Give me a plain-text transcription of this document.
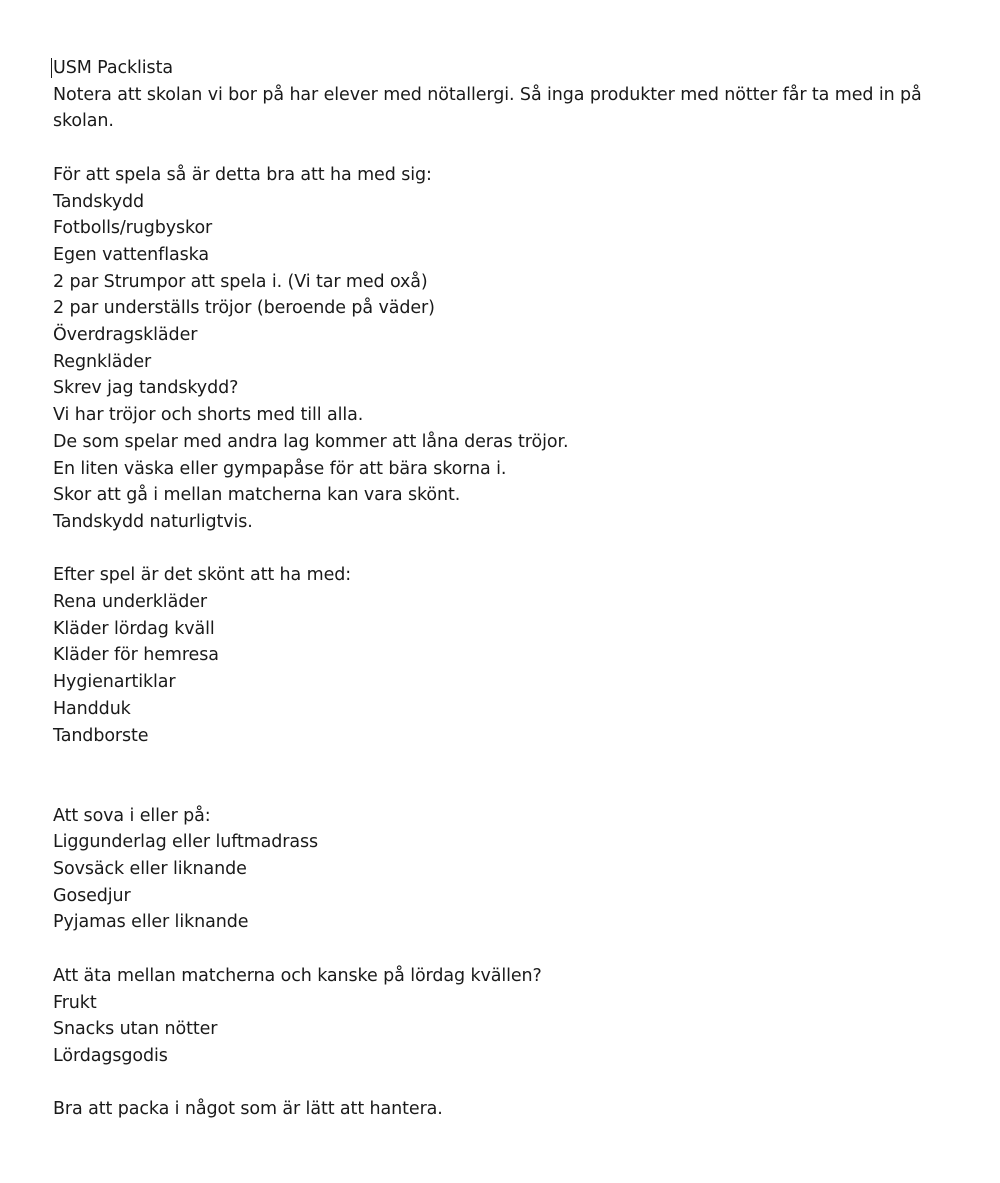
USM Packlista
Notera att skolan vi bor på har elever med nötallergi. Så inga produkter med nötter får ta med in på skolan.
För att spela så är detta bra att ha med sig:
Tandskydd
Fotbolls/rugbyskor
Egen vattenflaska
2 par Strumpor att spela i. (Vi tar med oxå)
2 par underställs tröjor (beroende på väder)
Överdragskläder
Regnkläder
Skrev jag tandskydd?
Vi har tröjor och shorts med till alla.
De som spelar med andra lag kommer att låna deras tröjor.
En liten väska eller gympapåse för att bära skorna i.
Skor att gå i mellan matcherna kan vara skönt.
Tandskydd naturligtvis.
Efter spel är det skönt att ha med:
Rena underkläder
Kläder lördag kväll
Kläder för hemresa
Hygienartiklar
Handduk
Tandborste
Att sova i eller på:
Liggunderlag eller luftmadrass
Sovsäck eller liknande
Gosedjur
Pyjamas eller liknande
Att äta mellan matcherna och kanske på lördag kvällen?
Frukt
Snacks utan nötter
Lördagsgodis
Bra att packa i något som är lätt att hantera.
